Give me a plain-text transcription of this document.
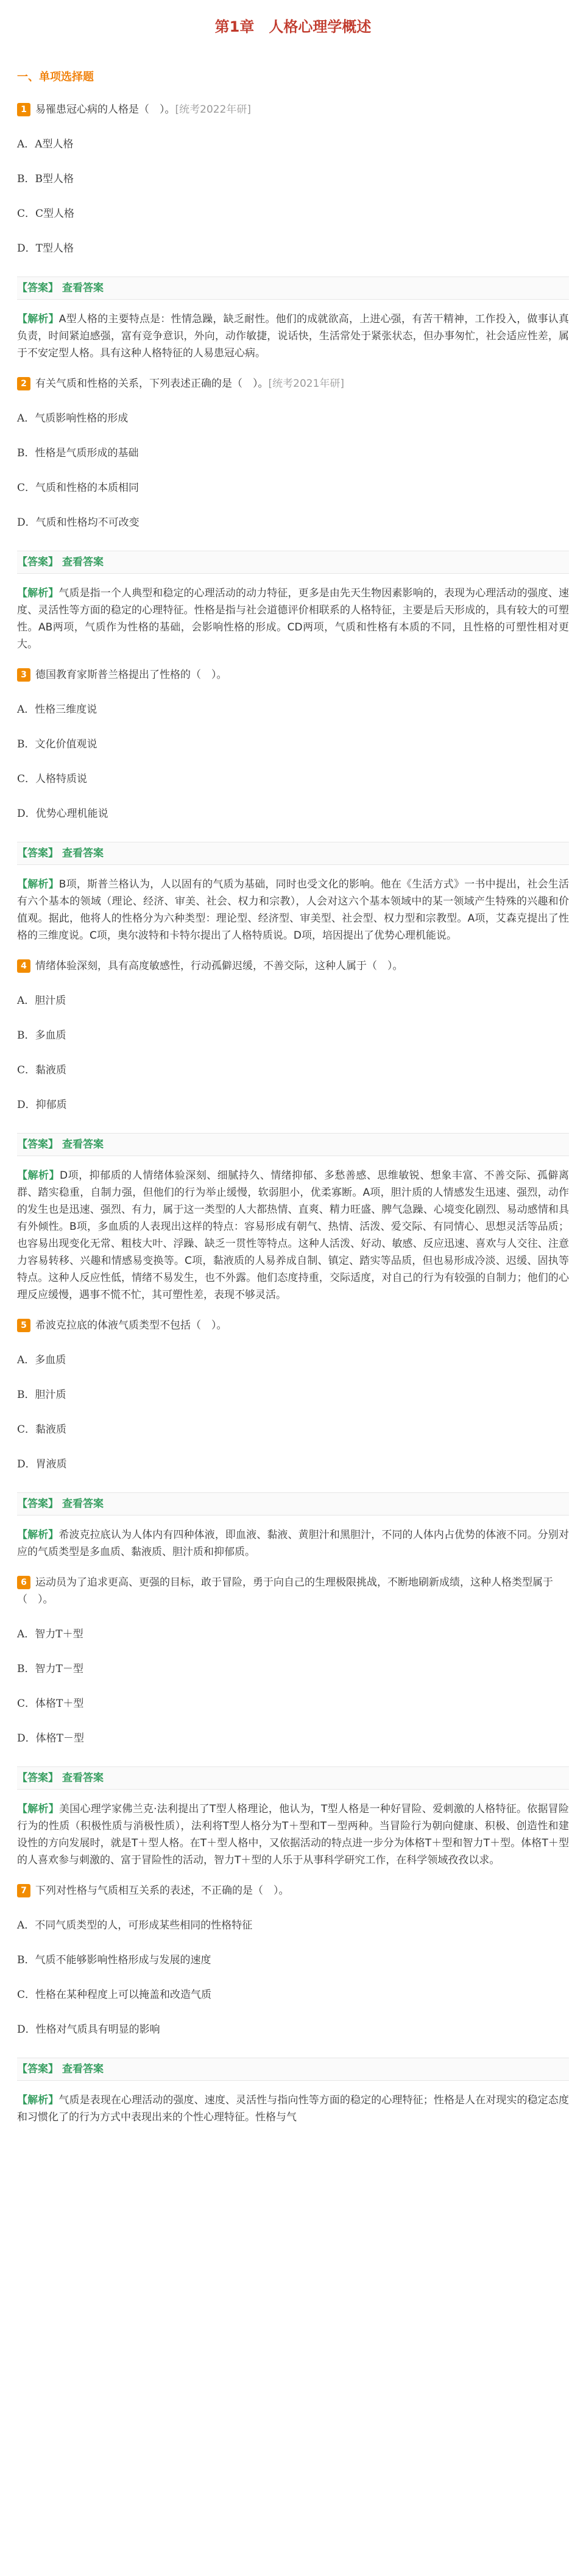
第1章　人格心理学概述
一、单项选择题
1 易罹患冠心病的人格是（　）。[统考2022年研]
A．A型人格
B．B型人格
C．C型人格
D．T型人格
【答案】 查看答案
【解析】A型人格的主要特点是：性情急躁，缺乏耐性。他们的成就欲高，上进心强，有苦干精神，工作投入，做事认真负责，时间紧迫感强，富有竞争意识，外向，动作敏捷，说话快，生活常处于紧张状态，但办事匆忙，社会适应性差，属于不安定型人格。具有这种人格特征的人易患冠心病。
2 有关气质和性格的关系，下列表述正确的是（　）。[统考2021年研]
A．气质影响性格的形成
B．性格是气质形成的基础
C．气质和性格的本质相同
D．气质和性格均不可改变
【答案】 查看答案
【解析】气质是指一个人典型和稳定的心理活动的动力特征，更多是由先天生物因素影响的，表现为心理活动的强度、速度、灵活性等方面的稳定的心理特征。性格是指与社会道德评价相联系的人格特征，主要是后天形成的，具有较大的可塑性。AB两项，气质作为性格的基础，会影响性格的形成。CD两项，气质和性格有本质的不同，且性格的可塑性相对更大。
3 德国教育家斯普兰格提出了性格的（　）。
A．性格三维度说
B．文化价值观说
C．人格特质说
D．优势心理机能说
【答案】 查看答案
【解析】B项，斯普兰格认为，人以固有的气质为基础，同时也受文化的影响。他在《生活方式》一书中提出，社会生活有六个基本的领域（理论、经济、审美、社会、权力和宗教），人会对这六个基本领域中的某一领域产生特殊的兴趣和价值观。据此，他将人的性格分为六种类型：理论型、经济型、审美型、社会型、权力型和宗教型。A项，艾森克提出了性格的三维度说。C项，奥尔波特和卡特尔提出了人格特质说。D项，培因提出了优势心理机能说。
4 情绪体验深刻，具有高度敏感性，行动孤僻迟缓，不善交际，这种人属于（　）。
A．胆汁质
B．多血质
C．黏液质
D．抑郁质
【答案】 查看答案
【解析】D项，抑郁质的人情绪体验深刻、细腻持久、情绪抑郁、多愁善感、思维敏锐、想象丰富、不善交际、孤僻离群、踏实稳重，自制力强，但他们的行为举止缓慢，软弱胆小，优柔寡断。A项，胆汁质的人情感发生迅速、强烈，动作的发生也是迅速、强烈、有力，属于这一类型的人大都热情、直爽、精力旺盛、脾气急躁、心境变化剧烈、易动感情和具有外倾性。B项，多血质的人表现出这样的特点：容易形成有朝气、热情、活泼、爱交际、有同情心、思想灵活等品质；也容易出现变化无常、粗枝大叶、浮躁、缺乏一贯性等特点。这种人活泼、好动、敏感、反应迅速、喜欢与人交往、注意力容易转移、兴趣和情感易变换等。C项，黏液质的人易养成自制、镇定、踏实等品质，但也易形成冷淡、迟缓、固执等特点。这种人反应性低，情绪不易发生，也不外露。他们态度持重，交际适度，对自己的行为有较强的自制力；他们的心理反应缓慢，遇事不慌不忙，其可塑性差，表现不够灵活。
5 希波克拉底的体液气质类型不包括（　）。
A．多血质
B．胆汁质
C．黏液质
D．胃液质
【答案】 查看答案
【解析】希波克拉底认为人体内有四种体液，即血液、黏液、黄胆汁和黑胆汁，不同的人体内占优势的体液不同。分别对应的气质类型是多血质、黏液质、胆汁质和抑郁质。
6 运动员为了追求更高、更强的目标，敢于冒险，勇于向自己的生理极限挑战，不断地刷新成绩，这种人格类型属于（　）。
A．智力T＋型
B．智力T－型
C．体格T＋型
D．体格T－型
【答案】 查看答案
【解析】美国心理学家佛兰克·法利提出了T型人格理论，他认为，T型人格是一种好冒险、爱刺激的人格特征。依据冒险行为的性质（积极性质与消极性质），法利将T型人格分为T＋型和T－型两种。当冒险行为朝向健康、积极、创造性和建设性的方向发展时，就是T＋型人格。在T＋型人格中，又依据活动的特点进一步分为体格T＋型和智力T＋型。体格T＋型的人喜欢参与刺激的、富于冒险性的活动，智力T＋型的人乐于从事科学研究工作，在科学领域孜孜以求。
7 下列对性格与气质相互关系的表述，不正确的是（　）。
A．不同气质类型的人，可形成某些相同的性格特征
B．气质不能够影响性格形成与发展的速度
C．性格在某种程度上可以掩盖和改造气质
D．性格对气质具有明显的影响
【答案】 查看答案
【解析】气质是表现在心理活动的强度、速度、灵活性与指向性等方面的稳定的心理特征；性格是人在对现实的稳定态度和习惯化了的行为方式中表现出来的个性心理特征。性格与气
